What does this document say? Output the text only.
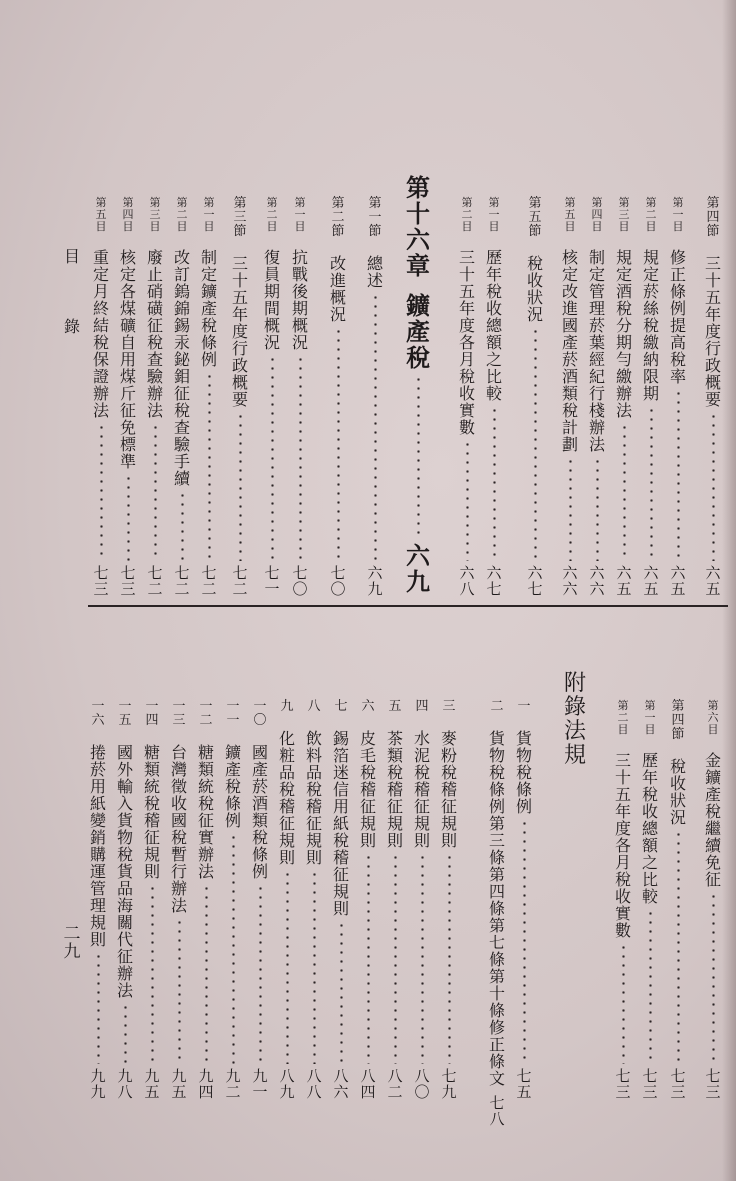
目
錄
二
九
附
錄
法
規
第
四
節
三
十
五
年
度
行
政
概
要
六
五
第
一
目
修
正
條
例
提
高
稅
率
六
五
第
二
目
規
定
菸
絲
稅
繳
納
限
期
六
五
第
三
目
規
定
酒
稅
分
期
勻
繳
辦
法
六
五
第
四
目
制
定
管
理
菸
葉
經
紀
行
棧
辦
法
六
六
第
五
目
核
定
改
進
國
產
菸
酒
類
稅
計
劃
六
六
第
五
節
稅
收
狀
況
六
七
第
一
目
歷
年
稅
收
總
額
之
比
較
六
七
第
二
目
三
十
五
年
度
各
月
稅
收
實
數
六
八
第
一
節
總
述
六
九
第
二
節
改
進
概
況
七
〇
第
一
目
抗
戰
後
期
概
況
七
〇
第
二
目
復
員
期
間
概
況
七
一
第
三
節
三
十
五
年
度
行
政
概
要
七
二
第
一
目
制
定
鑛
產
稅
條
例
七
二
第
二
目
改
訂
鎢
錦
錫
汞
鉍
鉬
征
稅
查
驗
手
續
七
二
第
三
目
廢
止
硝
磺
征
稅
查
驗
辦
法
七
二
第
四
目
核
定
各
煤
礦
自
用
煤
斤
征
免
標
準
七
三
第
五
目
重
定
月
終
結
稅
保
證
辦
法
七
三
第
十
六
章
鑛
產
稅
六
九
第
六
目
金
鑛
產
稅
繼
續
免
征
七
三
第
四
節
稅
收
狀
況
七
三
第
一
目
歷
年
稅
收
總
額
之
比
較
七
三
第
二
目
三
十
五
年
度
各
月
稅
收
實
數
七
三
一
貨
物
稅
條
例
七
五
二
貨
物
稅
條
例
第
三
條
第
四
條
第
七
條
第
十
條
修
正
條
文
七
八
三
麥
粉
稅
稽
征
規
則
七
九
四
水
泥
稅
稽
征
規
則
八
〇
五
茶
類
稅
稽
征
規
則
八
二
六
皮
毛
稅
稽
征
規
則
八
四
七
錫
箔
迷
信
用
紙
稅
稽
征
規
則
八
六
八
飲
料
品
稅
稽
征
規
則
八
八
九
化
粧
品
稅
稽
征
規
則
八
九
一
〇
國
產
菸
酒
類
稅
條
例
九
一
一
一
鑛
產
稅
條
例
九
二
一
二
糖
類
統
稅
征
實
辦
法
九
四
一
三
台
灣
徵
收
國
稅
暫
行
辦
法
九
五
一
四
糖
類
統
稅
稽
征
規
則
九
五
一
五
國
外
輸
入
貨
物
稅
貨
品
海
關
代
征
辦
法
九
八
一
六
捲
菸
用
紙
變
銷
購
運
管
理
規
則
九
九
